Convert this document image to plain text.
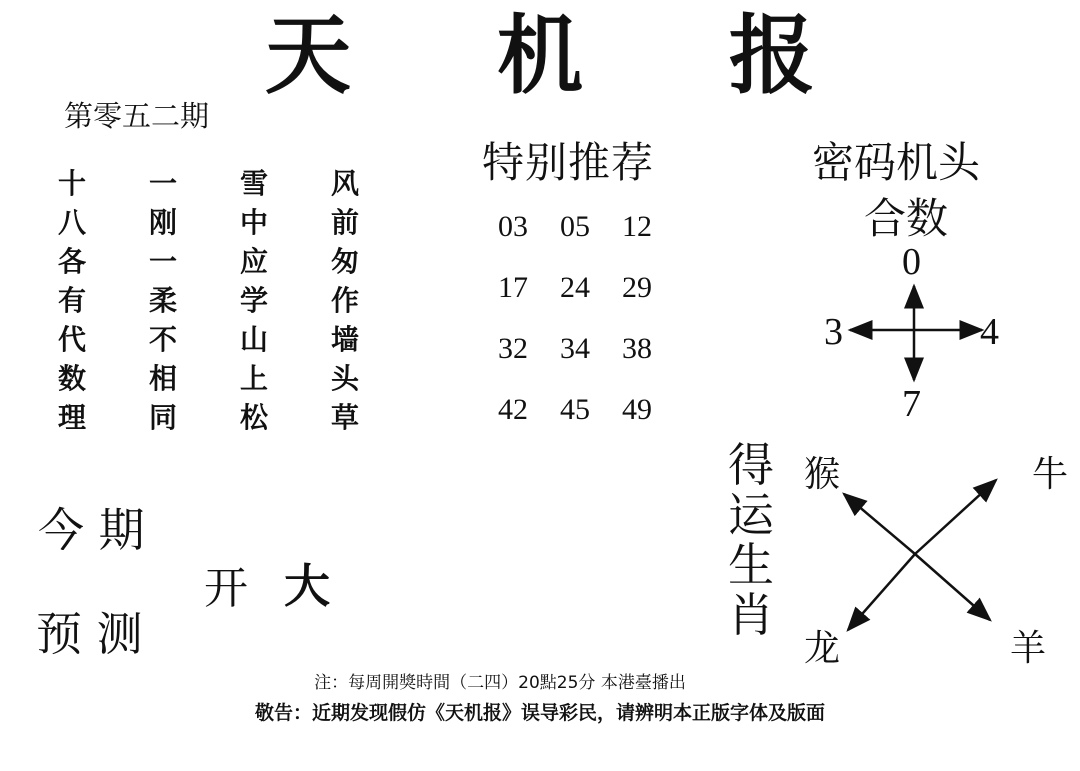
天 机 报
第零五二期
十	一	雪	风
八	刚	中	前
各	一	应	匆
有	柔	学	作
代	不	山	墙
数	相	上	头
理	同	松	草
特别推荐
03	05	12
17	24	29
32	34	38
42	45	49
密码机头
合数
0
3	4
7
今 期
开 大
预 测
得
运
生
肖
猴	牛
龙	羊
注：每周開獎時間（二四）20點25分 本港臺播出
敬告：近期发现假仿《天机报》误导彩民，请辨明本正版字体及版面
